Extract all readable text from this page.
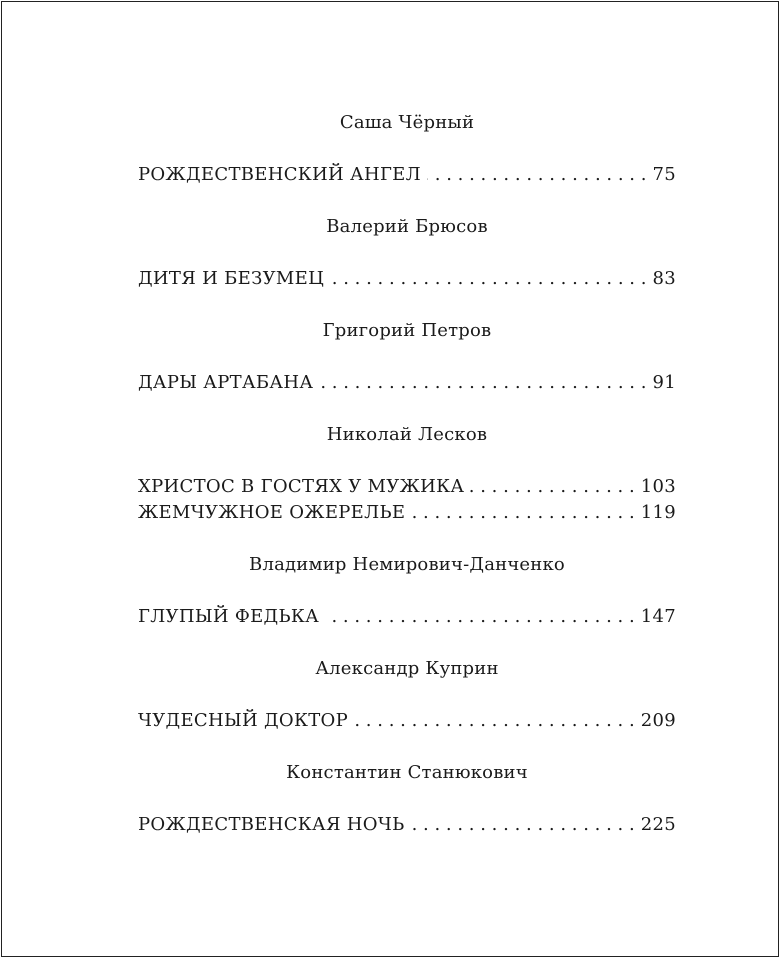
Саша Чёрный

РОЖДЕСТВЕНСКИЙ АНГЕЛ . . .	75

Валерий Брюсов

ДИТЯ И БЕЗУМЕЦ . . .	83

Григорий Петров

ДАРЫ АРТАБАНА . . .	91

Николай Лесков

ХРИСТОС В ГОСТЯХ У МУЖИКА . . .	103
ЖЕМЧУЖНОЕ ОЖЕРЕЛЬЕ . . .	119

Владимир Немирович-Данченко

ГЛУПЫЙ ФЕДЬКА . . .	147

Александр Куприн

ЧУДЕСНЫЙ ДОКТОР . . .	209

Константин Станюкович

РОЖДЕСТВЕНСКАЯ НОЧЬ . . .	225
